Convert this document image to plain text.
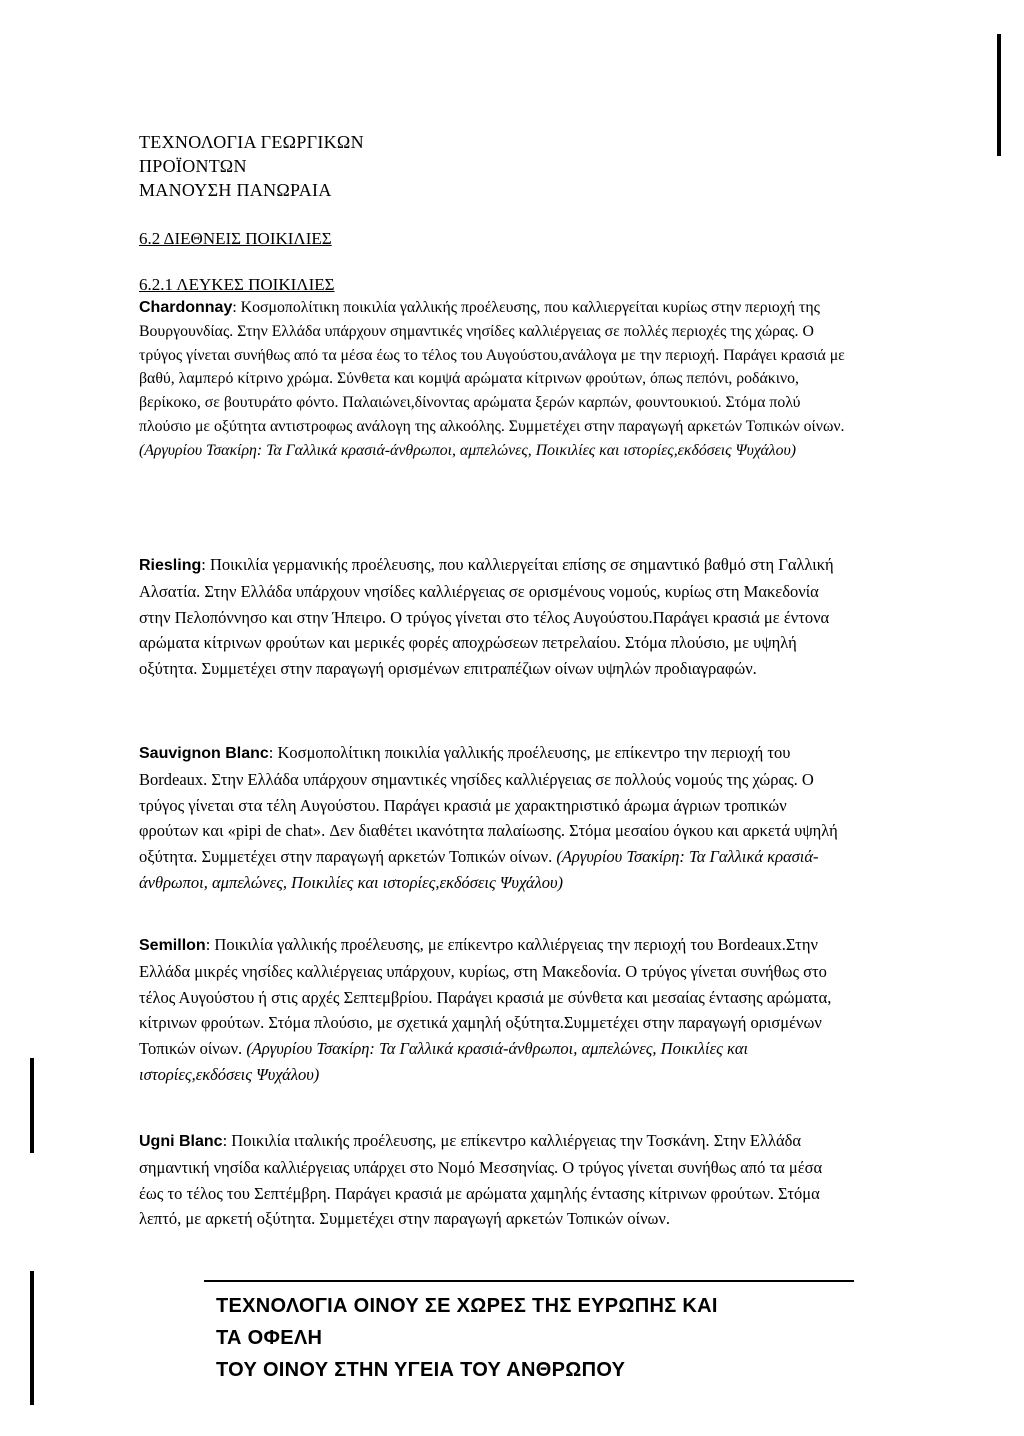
ΤΕΧΝΟΛΟΓΙΑ ΓΕΩΡΓΙΚΩΝ
ΠΡΟΪΟΝΤΩΝ
ΜΑΝΟΥΣΗ ΠΑΝΩΡΑΙΑ
6.2 ΔΙΕΘΝΕΙΣ ΠΟΙΚΙΛΙΕΣ
6.2.1 ΛΕΥΚΕΣ ΠΟΙΚΙΛΙΕΣ
Chardonnay: Κοσμοπολίτικη ποικιλία γαλλικής προέλευσης, που καλλιεργείται κυρίως στην περιοχή της Βουργουνδίας. Στην Ελλάδα υπάρχουν σημαντικές νησίδες καλλιέργειας σε πολλές περιοχές της χώρας. Ο τρύγος γίνεται συνήθως από τα μέσα έως το τέλος του Αυγούστου,ανάλογα με την περιοχή. Παράγει κρασιά με βαθύ, λαμπερό κίτρινο χρώμα. Σύνθετα και κομψά αρώματα κίτρινων φρούτων, όπως πεπόνι, ροδάκινο, βερίκοκο, σε βουτυράτο φόντο. Παλαιώνει,δίνοντας αρώματα ξερών καρπών, φουντουκιού. Στόμα πολύ πλούσιο με οξύτητα αντιστροφως ανάλογη της αλκοόλης. Συμμετέχει στην παραγωγή αρκετών Τοπικών οίνων. (Αργυρίου Τσακίρη: Τα Γαλλικά κρασιά-άνθρωποι, αμπελώνες, Ποικιλίες και ιστορίες,εκδόσεις Ψυχάλου)
Riesling: Ποικιλία γερμανικής προέλευσης, που καλλιεργείται επίσης σε σημαντικό βαθμό στη Γαλλική Αλσατία. Στην Ελλάδα υπάρχουν νησίδες καλλιέργειας σε ορισμένους νομούς, κυρίως στη Μακεδονία στην Πελοπόννησο και στην Ήπειρο. Ο τρύγος γίνεται στο τέλος Αυγούστου.Παράγει κρασιά με έντονα αρώματα κίτρινων φρούτων και μερικές φορές αποχρώσεων πετρελαίου. Στόμα πλούσιο, με υψηλή οξύτητα. Συμμετέχει στην παραγωγή ορισμένων επιτραπέζιων οίνων υψηλών προδιαγραφών.
Sauvignon Blanc: Κοσμοπολίτικη ποικιλία γαλλικής προέλευσης, με επίκεντρο την περιοχή του Bordeaux. Στην Ελλάδα υπάρχουν σημαντικές νησίδες καλλιέργειας σε πολλούς νομούς της χώρας. Ο τρύγος γίνεται στα τέλη Αυγούστου. Παράγει κρασιά με χαρακτηριστικό άρωμα άγριων τροπικών φρούτων και «pipi de chat». Δεν διαθέτει ικανότητα παλαίωσης. Στόμα μεσαίου όγκου και αρκετά υψηλή οξύτητα. Συμμετέχει στην παραγωγή αρκετών Τοπικών οίνων. (Αργυρίου Τσακίρη: Τα Γαλλικά κρασιά-άνθρωποι, αμπελώνες, Ποικιλίες και ιστορίες,εκδόσεις Ψυχάλου)
Semillon: Ποικιλία γαλλικής προέλευσης, με επίκεντρο καλλιέργειας την περιοχή του Bordeaux.Στην Ελλάδα μικρές νησίδες καλλιέργειας υπάρχουν, κυρίως, στη Μακεδονία. Ο τρύγος γίνεται συνήθως στο τέλος Αυγούστου ή στις αρχές Σεπτεμβρίου. Παράγει κρασιά με σύνθετα και μεσαίας έντασης αρώματα, κίτρινων φρούτων. Στόμα πλούσιο, με σχετικά χαμηλή οξύτητα.Συμμετέχει στην παραγωγή ορισμένων Τοπικών οίνων. (Αργυρίου Τσακίρη: Τα Γαλλικά κρασιά-άνθρωποι, αμπελώνες, Ποικιλίες και ιστορίες,εκδόσεις Ψυχάλου)
Ugni Blanc: Ποικιλία ιταλικής προέλευσης, με επίκεντρο καλλιέργειας την Τοσκάνη. Στην Ελλάδα σημαντική νησίδα καλλιέργειας υπάρχει στο Νομό Μεσσηνίας. Ο τρύγος γίνεται συνήθως από τα μέσα έως το τέλος του Σεπτέμβρη. Παράγει κρασιά με αρώματα χαμηλής έντασης κίτρινων φρούτων. Στόμα λεπτό, με αρκετή οξύτητα. Συμμετέχει στην παραγωγή αρκετών Τοπικών οίνων.
ΤΕΧΝΟΛΟΓΙΑ ΟΙΝΟΥ ΣΕ ΧΩΡΕΣ ΤΗΣ ΕΥΡΩΠΗΣ ΚΑΙ
ΤΑ ΟΦΕΛΗ
ΤΟΥ ΟΙΝΟΥ ΣΤΗΝ ΥΓΕΙΑ ΤΟΥ ΑΝΘΡΩΠΟΥ
